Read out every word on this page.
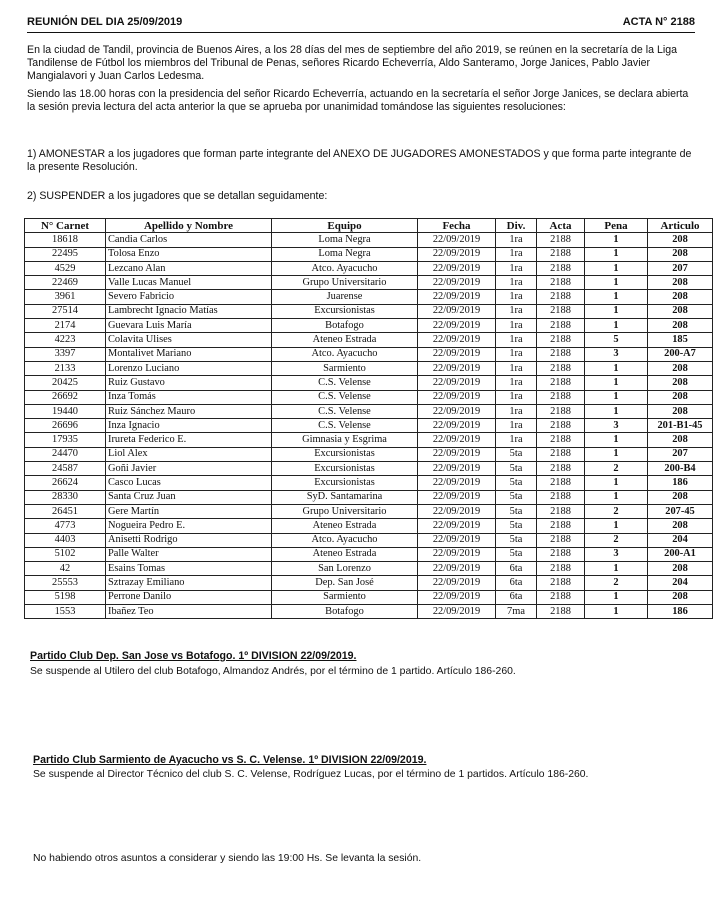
REUNIÓN DEL DIA 25/09/2019	ACTA N° 2188
En la ciudad de Tandil, provincia de Buenos Aires, a los 28 días del mes de septiembre del año 2019, se reúnen en la secretaría de la Liga Tandilense de Fútbol los miembros del Tribunal de Penas, señores Ricardo Echeverría, Aldo Santeramo, Jorge Janices, Pablo Javier Mangialavori y Juan Carlos Ledesma.
Siendo las 18.00 horas con la presidencia del señor Ricardo Echeverría, actuando en la secretaría el señor Jorge Janices, se declara abierta la sesión previa lectura del acta anterior la que se aprueba por unanimidad tomándose las siguientes resoluciones:
1) AMONESTAR a los jugadores que forman parte integrante del ANEXO DE JUGADORES AMONESTADOS y que forma parte integrante de la presente Resolución.
2) SUSPENDER a los jugadores que se detallan seguidamente:
N° Carnet	Apellido y Nombre	Equipo	Fecha	Div.	Acta	Pena	Articulo
18618	Candia Carlos	Loma Negra	22/09/2019	1ra	2188	1	208
22495	Tolosa Enzo	Loma Negra	22/09/2019	1ra	2188	1	208
4529	Lezcano Alan	Atco. Ayacucho	22/09/2019	1ra	2188	1	207
22469	Valle Lucas Manuel	Grupo Universitario	22/09/2019	1ra	2188	1	208
3961	Severo Fabricio	Juarense	22/09/2019	1ra	2188	1	208
27514	Lambrecht Ignacio Matías	Excursionistas	22/09/2019	1ra	2188	1	208
2174	Guevara Luis María	Botafogo	22/09/2019	1ra	2188	1	208
4223	Colavita Ulises	Ateneo Estrada	22/09/2019	1ra	2188	5	185
3397	Montalivet Mariano	Atco. Ayacucho	22/09/2019	1ra	2188	3	200-A7
2133	Lorenzo Luciano	Sarmiento	22/09/2019	1ra	2188	1	208
20425	Ruiz Gustavo	C.S. Velense	22/09/2019	1ra	2188	1	208
26692	Inza Tomás	C.S. Velense	22/09/2019	1ra	2188	1	208
19440	Ruiz Sánchez Mauro	C.S. Velense	22/09/2019	1ra	2188	1	208
26696	Inza Ignacio	C.S. Velense	22/09/2019	1ra	2188	3	201-B1-45
17935	Irureta Federico E.	Gimnasia y Esgrima	22/09/2019	1ra	2188	1	208
24470	Liol Alex	Excursionistas	22/09/2019	5ta	2188	1	207
24587	Goñi Javier	Excursionistas	22/09/2019	5ta	2188	2	200-B4
26624	Casco Lucas	Excursionistas	22/09/2019	5ta	2188	1	186
28330	Santa Cruz Juan	SyD. Santamarina	22/09/2019	5ta	2188	1	208
26451	Gere Martín	Grupo Universitario	22/09/2019	5ta	2188	2	207-45
4773	Nogueira Pedro E.	Ateneo Estrada	22/09/2019	5ta	2188	1	208
4403	Anisetti Rodrigo	Atco. Ayacucho	22/09/2019	5ta	2188	2	204
5102	Palle Walter	Ateneo Estrada	22/09/2019	5ta	2188	3	200-A1
42	Esains Tomas	San Lorenzo	22/09/2019	6ta	2188	1	208
25553	Sztrazay Emiliano	Dep. San José	22/09/2019	6ta	2188	2	204
5198	Perrone Danilo	Sarmiento	22/09/2019	6ta	2188	1	208
1553	Ibañez Teo	Botafogo	22/09/2019	7ma	2188	1	186
Partido Club Dep. San Jose vs Botafogo. 1º DIVISION 22/09/2019.
Se suspende al Utilero del club Botafogo, Almandoz Andrés, por el término de 1 partido. Artículo 186-260.
Partido Club Sarmiento de Ayacucho vs S. C. Velense. 1º DIVISION 22/09/2019.
Se suspende al Director Técnico del club S. C. Velense, Rodríguez Lucas, por el término de 1 partidos. Artículo 186-260.
No habiendo otros asuntos a considerar y siendo las 19:00 Hs. Se levanta la sesión.
